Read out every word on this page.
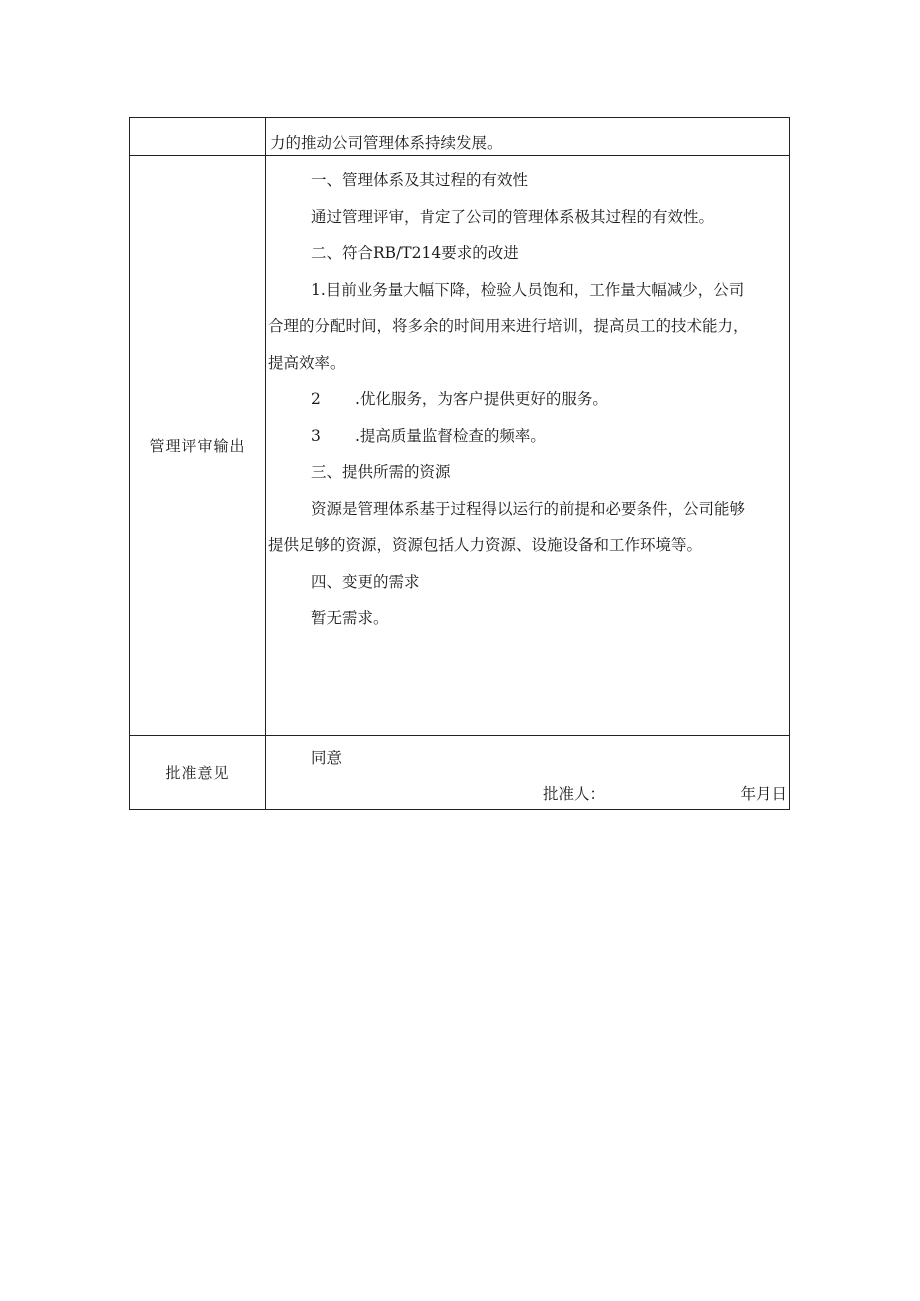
力的推动公司管理体系持续发展。

管理评审输出

一、管理体系及其过程的有效性

通过管理评审，肯定了公司的管理体系极其过程的有效性。

二、符合RB/T214要求的改进

1.目前业务量大幅下降，检验人员饱和，工作量大幅减少，公司

合理的分配时间，将多余的时间用来进行培训，提高员工的技术能力，

提高效率。

2 .优化服务，为客户提供更好的服务。

3 .提高质量监督检查的频率。

三、提供所需的资源

资源是管理体系基于过程得以运行的前提和必要条件，公司能够

提供足够的资源，资源包括人力资源、设施设备和工作环境等。

四、变更的需求

暂无需求。

批准意见
同意
批准人：	年月日
